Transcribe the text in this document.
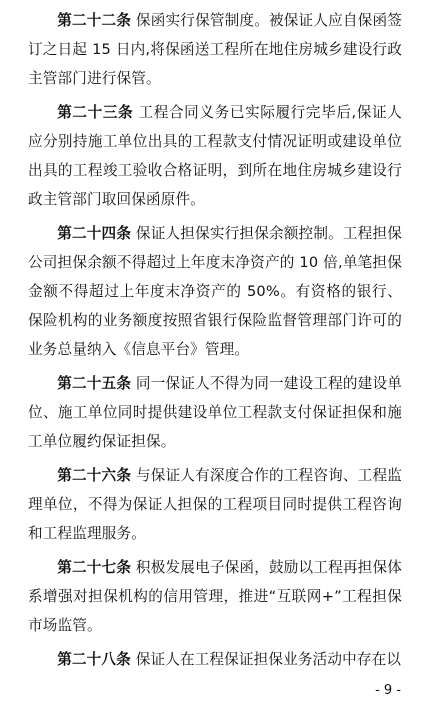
第二十二条 保函实行保管制度。被保证人应自保函签订之日起 15 日内,将保函送工程所在地住房城乡建设行政主管部门进行保管。

第二十三条 工程合同义务已实际履行完毕后,保证人应分别持施工单位出具的工程款支付情况证明或建设单位出具的工程竣工验收合格证明，到所在地住房城乡建设行政主管部门取回保函原件。

第二十四条 保证人担保实行担保余额控制。工程担保公司担保余额不得超过上年度末净资产的 10 倍,单笔担保金额不得超过上年度末净资产的 50%。有资格的银行、保险机构的业务额度按照省银行保险监督管理部门许可的业务总量纳入《信息平台》管理。

第二十五条 同一保证人不得为同一建设工程的建设单位、施工单位同时提供建设单位工程款支付保证担保和施工单位履约保证担保。

第二十六条 与保证人有深度合作的工程咨询、工程监理单位，不得为保证人担保的工程项目同时提供工程咨询和工程监理服务。

第二十七条 积极发展电子保函，鼓励以工程再担保体系增强对担保机构的信用管理，推进“互联网+”工程担保市场监管。

第二十八条 保证人在工程保证担保业务活动中存在以

- 9 -
